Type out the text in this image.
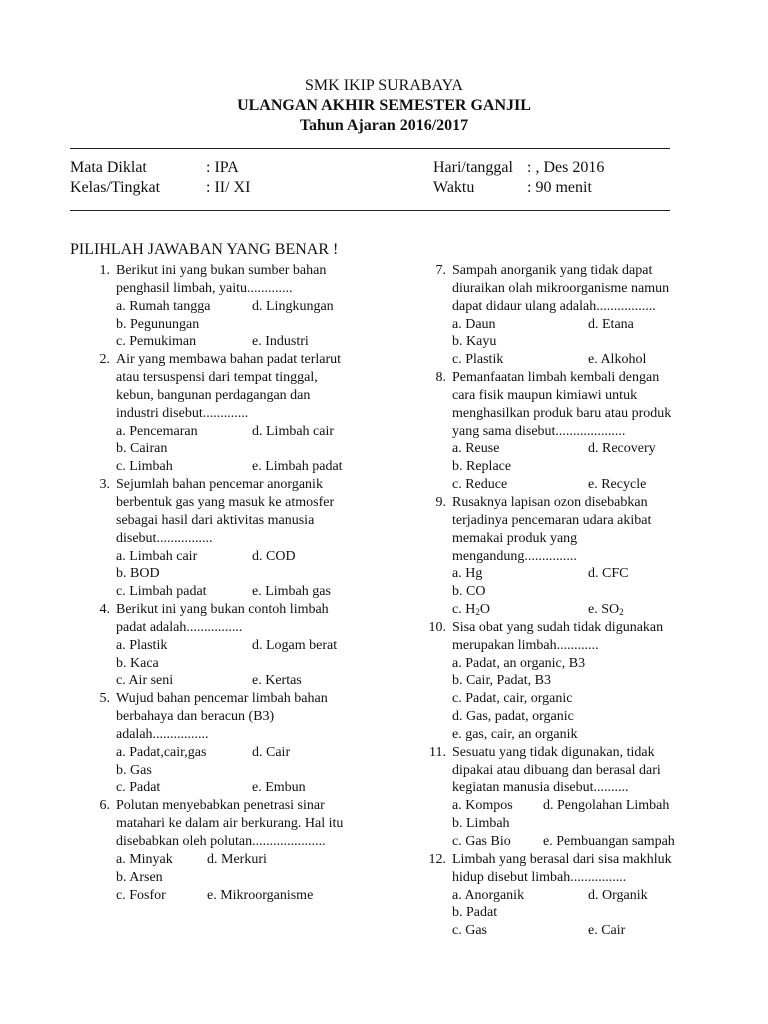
SMK IKIP SURABAYA
ULANGAN AKHIR SEMESTER GANJIL
Tahun Ajaran 2016/2017
Mata Diklat	: IPA
Kelas/Tingkat	: II/ XI
Hari/tanggal : , Des 2016
Waktu	: 90 menit
PILIHLAH JAWABAN YANG BENAR !
1. Berikut ini yang bukan sumber bahan
penghasil limbah, yaitu.............
a. Rumah tangga	d. Lingkungan
b. Pegunungan
c. Pemukiman	e. Industri
2. Air yang membawa bahan padat terlarut
atau tersuspensi dari tempat tinggal,
kebun, bangunan perdagangan dan
industri disebut.............
a. Pencemaran	d. Limbah cair
b. Cairan
c. Limbah	e. Limbah padat
3. Sejumlah bahan pencemar anorganik
berbentuk gas yang masuk ke atmosfer
sebagai hasil dari aktivitas manusia
disebut................
a. Limbah cair	d. COD
b. BOD
c. Limbah padat	e. Limbah gas
4. Berikut ini yang bukan contoh limbah
padat adalah................
a. Plastik	d. Logam berat
b. Kaca
c. Air seni	e. Kertas
5. Wujud bahan pencemar limbah bahan
berbahaya dan beracun (B3)
adalah................
a. Padat,cair,gas	d. Cair
b. Gas
c. Padat	e. Embun
6. Polutan menyebabkan penetrasi sinar
matahari ke dalam air berkurang. Hal itu
disebabkan oleh polutan.....................
a. Minyak d. Merkuri
b. Arsen
c. Fosfor	e. Mikroorganisme
7. Sampah anorganik yang tidak dapat
diuraikan olah mikroorganisme namun
dapat didaur ulang adalah.................
a. Daun	d. Etana
b. Kayu
c. Plastik	e. Alkohol
8. Pemanfaatan limbah kembali dengan
cara fisik maupun kimiawi untuk
menghasilkan produk baru atau produk
yang sama disebut....................
a. Reuse	d. Recovery
b. Replace
c. Reduce	e. Recycle
9. Rusaknya lapisan ozon disebabkan
terjadinya pencemaran udara akibat
memakai produk yang
mengandung...............
a. Hg	d. CFC
b. CO
c. $H_2O$	e. $SO_2$
10. Sisa obat yang sudah tidak digunakan
merupakan limbah............
a. Padat, an organic, B3
b. Cair, Padat, B3
c. Padat, cair, organic
d. Gas, padat, organic
e. gas, cair, an organik
11. Sesuatu yang tidak digunakan, tidak
dipakai atau dibuang dan berasal dari
kegiatan manusia disebut..........
a. Kompos d. Pengolahan Limbah
b. Limbah
c. Gas Bio e. Pembuangan sampah
12. Limbah yang berasal dari sisa makhluk
hidup disebut limbah................
a. Anorganik	d. Organik
b. Padat
c. Gas	e. Cair
